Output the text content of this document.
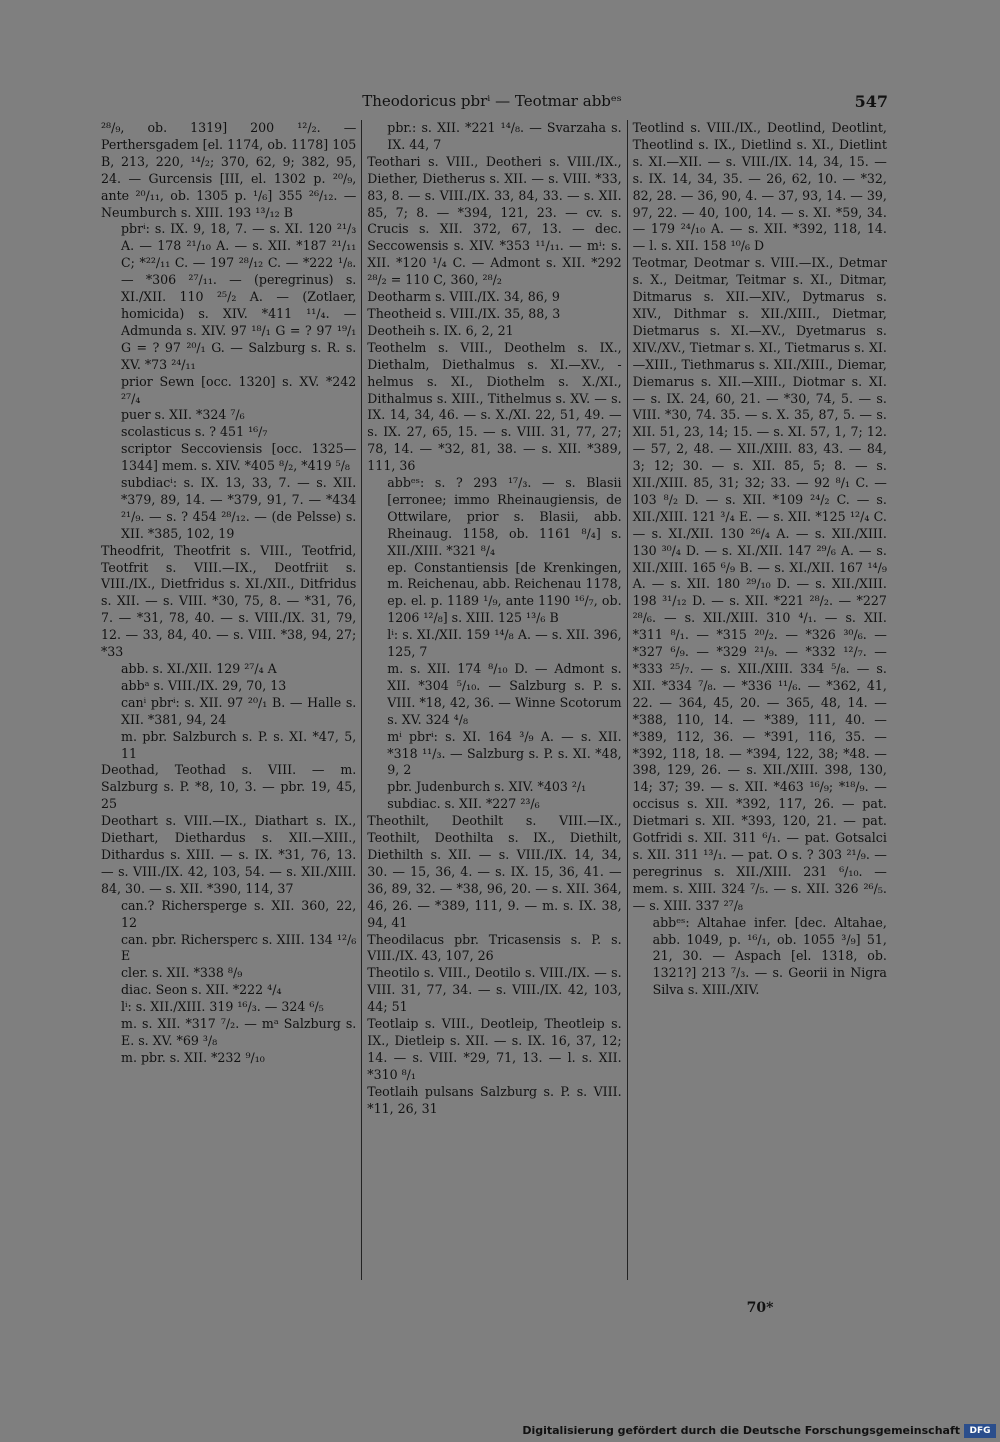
Theodoricus pbrⁱ — Teotmar abbᵉˢ	547

²⁸/₉, ob. 1319] 200 ¹²/₂. — Perthersgadem [el. 1174, ob. 1178] 105 B, 213, 220, ¹⁴/₂; 370, 62, 9; 382, 95, 24. — Gurcensis [III, el. 1302 p. ²⁰/₉, ante ²⁰/₁₁, ob. 1305 p. ¹/₆] 355 ²⁶/₁₂. — Neumburch s. XIII. 193 ¹³/₁₂ B

pbrⁱ: s. IX. 9, 18, 7. — s. XI. 120 ²¹/₃ A. — 178 ²¹/₁₀ A. — s. XII. *187 ²¹/₁₁ C; *²²/₁₁ C. — 197 ²⁸/₁₂ C. — *222 ¹/₈. — *306 ²⁷/₁₁. — (peregrinus) s. XI./XII. 110 ²⁵/₂ A. — (Zotlaer, homicida) s. XIV. *411 ¹¹/₄. — Admunda s. XIV. 97 ¹⁸/₁ G = ? 97 ¹⁹/₁ G = ? 97 ²⁰/₁ G. — Salzburg s. R. s. XV. *73 ²⁴/₁₁

prior Sewn [occ. 1320] s. XV. *242 ²⁷/₄

puer s. XII. *324 ⁷/₆

scolasticus s. ? 451 ¹⁶/₇

scriptor Seccoviensis [occ. 1325—1344] mem. s. XIV. *405 ⁸/₂, *419 ⁵/₈

subdiacⁱ: s. IX. 13, 33, 7. — s. XII. *379, 89, 14. — *379, 91, 7. — *434 ²¹/₉. — s. ? 454 ²⁸/₁₂. — (de Pelsse) s. XII. *385, 102, 19

Theodfrit, Theotfrit s. VIII., Teotfrid, Teotfrit s. VIII.—IX., Deotfriit s. VIII./IX., Dietfridus s. XI./XII., Ditfridus s. XII. — s. VIII. *30, 75, 8. — *31, 76, 7. — *31, 78, 40. — s. VIII./IX. 31, 79, 12. — 33, 84, 40. — s. VIII. *38, 94, 27; *33

abb. s. XI./XII. 129 ²⁷/₄ A

abbᵃ s. VIII./IX. 29, 70, 13

canⁱ pbrⁱ: s. XII. 97 ²⁰/₁ B. — Halle s. XII. *381, 94, 24

m. pbr. Salzburch s. P. s. XI. *47, 5, 11

Deothad, Teothad s. VIII. — m. Salzburg s. P. *8, 10, 3. — pbr. 19, 45, 25

Deothart s. VIII.—IX., Diathart s. IX., Diethart, Diethardus s. XII.—XIII., Dithardus s. XIII. — s. IX. *31, 76, 13. — s. VIII./IX. 42, 103, 54. — s. XII./XIII. 84, 30. — s. XII. *390, 114, 37

can.? Richersperge s. XII. 360, 22, 12

can. pbr. Richersperc s. XIII. 134 ¹²/₆ E

cler. s. XII. *338 ⁸/₉

diac. Seon s. XII. *222 ⁴/₄

lⁱ: s. XII./XIII. 319 ¹⁶/₃. — 324 ⁶/₅

m. s. XII. *317 ⁷/₂. — mᵃ Salzburg s. E. s. XV. *69 ³/₈

m. pbr. s. XII. *232 ⁹/₁₀

pbr.: s. XII. *221 ¹⁴/₈. — Svarzaha s. IX. 44, 7

Teothari s. VIII., Deotheri s. VIII./IX., Diether, Dietherus s. XII. — s. VIII. *33, 83, 8. — s. VIII./IX. 33, 84, 33. — s. XII. 85, 7; 8. — *394, 121, 23. — cv. s. Crucis s. XII. 372, 67, 13. — dec. Seccowensis s. XIV. *353 ¹¹/₁₁. — mⁱ: s. XII. *120 ¹/₄ C. — Admont s. XII. *292 ²⁸/₂ = 110 C, 360, ²⁸/₂

Deotharm s. VIII./IX. 34, 86, 9

Theotheid s. VIII./IX. 35, 88, 3

Deotheih s. IX. 6, 2, 21

Teothelm s. VIII., Deothelm s. IX., Diethalm, Diethalmus s. XI.—XV., -helmus s. XI., Diothelm s. X./XI., Dithalmus s. XIII., Tithelmus s. XV. — s. IX. 14, 34, 46. — s. X./XI. 22, 51, 49. — s. IX. 27, 65, 15. — s. VIII. 31, 77, 27; 78, 14. — *32, 81, 38. — s. XII. *389, 111, 36

abbᵉˢ: s. ? 293 ¹⁷/₃. — s. Blasii [erronee; immo Rheinaugiensis, de Ottwilare, prior s. Blasii, abb. Rheinaug. 1158, ob. 1161 ⁸/₄] s. XII./XIII. *321 ⁸/₄

ep. Constantiensis [de Krenkingen, m. Reichenau, abb. Reichenau 1178, ep. el. p. 1189 ¹/₉, ante 1190 ¹⁶/₇, ob. 1206 ¹²/₈] s. XIII. 125 ¹³/₆ B

lⁱ: s. XI./XII. 159 ¹⁴/₈ A. — s. XII. 396, 125, 7

m. s. XII. 174 ⁸/₁₀ D. — Admont s. XII. *304 ⁵/₁₀. — Salzburg s. P. s. VIII. *18, 42, 36. — Winne Scotorum s. XV. 324 ⁴/₈

mⁱ pbrⁱ: s. XI. 164 ³/₉ A. — s. XII. *318 ¹¹/₃. — Salzburg s. P. s. XI. *48, 9, 2

pbr. Judenburch s. XIV. *403 ²/₁

subdiac. s. XII. *227 ²³/₆

Theothilt, Deothilt s. VIII.—IX., Teothilt, Deothilta s. IX., Diethilt, Diethilth s. XII. — s. VIII./IX. 14, 34, 30. — 15, 36, 4. — s. IX. 15, 36, 41. — 36, 89, 32. — *38, 96, 20. — s. XII. 364, 46, 26. — *389, 111, 9. — m. s. IX. 38, 94, 41

Theodilacus pbr. Tricasensis s. P. s. VIII./IX. 43, 107, 26

Theotilo s. VIII., Deotilo s. VIII./IX. — s. VIII. 31, 77, 34. — s. VIII./IX. 42, 103, 44; 51

Teotlaip s. VIII., Deotleip, Theotleip s. IX., Dietleip s. XII. — s. IX. 16, 37, 12; 14. — s. VIII. *29, 71, 13. — l. s. XII. *310 ⁸/₁

Teotlaih pulsans Salzburg s. P. s. VIII. *11, 26, 31

Teotlind s. VIII./IX., Deotlind, Deotlint, Theotlind s. IX., Dietlind s. XI., Dietlint s. XI.—XII. — s. VIII./IX. 14, 34, 15. — s. IX. 14, 34, 35. — 26, 62, 10. — *32, 82, 28. — 36, 90, 4. — 37, 93, 14. — 39, 97, 22. — 40, 100, 14. — s. XI. *59, 34. — 179 ²⁴/₁₀ A. — s. XII. *392, 118, 14. — l. s. XII. 158 ¹⁰/₆ D

Teotmar, Deotmar s. VIII.—IX., Detmar s. X., Deitmar, Teitmar s. XI., Ditmar, Ditmarus s. XII.—XIV., Dytmarus s. XIV., Dithmar s. XII./XIII., Dietmar, Dietmarus s. XI.—XV., Dyetmarus s. XIV./XV., Tietmar s. XI., Tietmarus s. XI.—XIII., Tiethmarus s. XII./XIII., Diemar, Diemarus s. XII.—XIII., Diotmar s. XI. — s. IX. 24, 60, 21. — *30, 74, 5. — s. VIII. *30, 74. 35. — s. X. 35, 87, 5. — s. XII. 51, 23, 14; 15. — s. XI. 57, 1, 7; 12. — 57, 2, 48. — XII./XIII. 83, 43. — 84, 3; 12; 30. — s. XII. 85, 5; 8. — s. XII./XIII. 85, 31; 32; 33. — 92 ⁸/₁ C. — 103 ⁸/₂ D. — s. XII. *109 ²⁴/₂ C. — s. XII./XIII. 121 ³/₄ E. — s. XII. *125 ¹²/₄ C. — s. XI./XII. 130 ²⁶/₄ A. — s. XII./XIII. 130 ³⁰/₄ D. — s. XI./XII. 147 ²⁹/₆ A. — s. XII./XIII. 165 ⁶/₉ B. — s. XI./XII. 167 ¹⁴/₉ A. — s. XII. 180 ²⁹/₁₀ D. — s. XII./XIII. 198 ³¹/₁₂ D. — s. XII. *221 ²⁸/₂. — *227 ²⁸/₆. — s. XII./XIII. 310 ⁴/₁. — s. XII. *311 ⁸/₁. — *315 ²⁰/₂. — *326 ³⁰/₆. — *327 ⁶/₉. — *329 ²¹/₉. — *332 ¹²/₇. — *333 ²⁵/₇. — s. XII./XIII. 334 ⁵/₈. — s. XII. *334 ⁷/₈. — *336 ¹¹/₆. — *362, 41, 22. — 364, 45, 20. — 365, 48, 14. — *388, 110, 14. — *389, 111, 40. — *389, 112, 36. — *391, 116, 35. — *392, 118, 18. — *394, 122, 38; *48. — 398, 129, 26. — s. XII./XIII. 398, 130, 14; 37; 39. — s. XII. *463 ¹⁶/₉; *¹⁸/₉. — occisus s. XII. *392, 117, 26. — pat. Dietmari s. XII. *393, 120, 21. — pat. Gotfridi s. XII. 311 ⁶/₁. — pat. Gotsalci s. XII. 311 ¹³/₁. — pat. O s. ? 303 ²¹/₉. — peregrinus s. XII./XIII. 231 ⁶/₁₀. — mem. s. XIII. 324 ⁷/₅. — s. XII. 326 ²⁶/₅. — s. XIII. 337 ²⁷/₈

abbᵉˢ: Altahae infer. [dec. Altahae, abb. 1049, p. ¹⁶/₁, ob. 1055 ³/₉] 51, 21, 30. — Aspach [el. 1318, ob. 1321?] 213 ⁷/₃. — s. Georii in Nigra Silva s. XIII./XIV.

70*
Digitalisierung gefördert durch die Deutsche Forschungsgemeinschaft	DFG
